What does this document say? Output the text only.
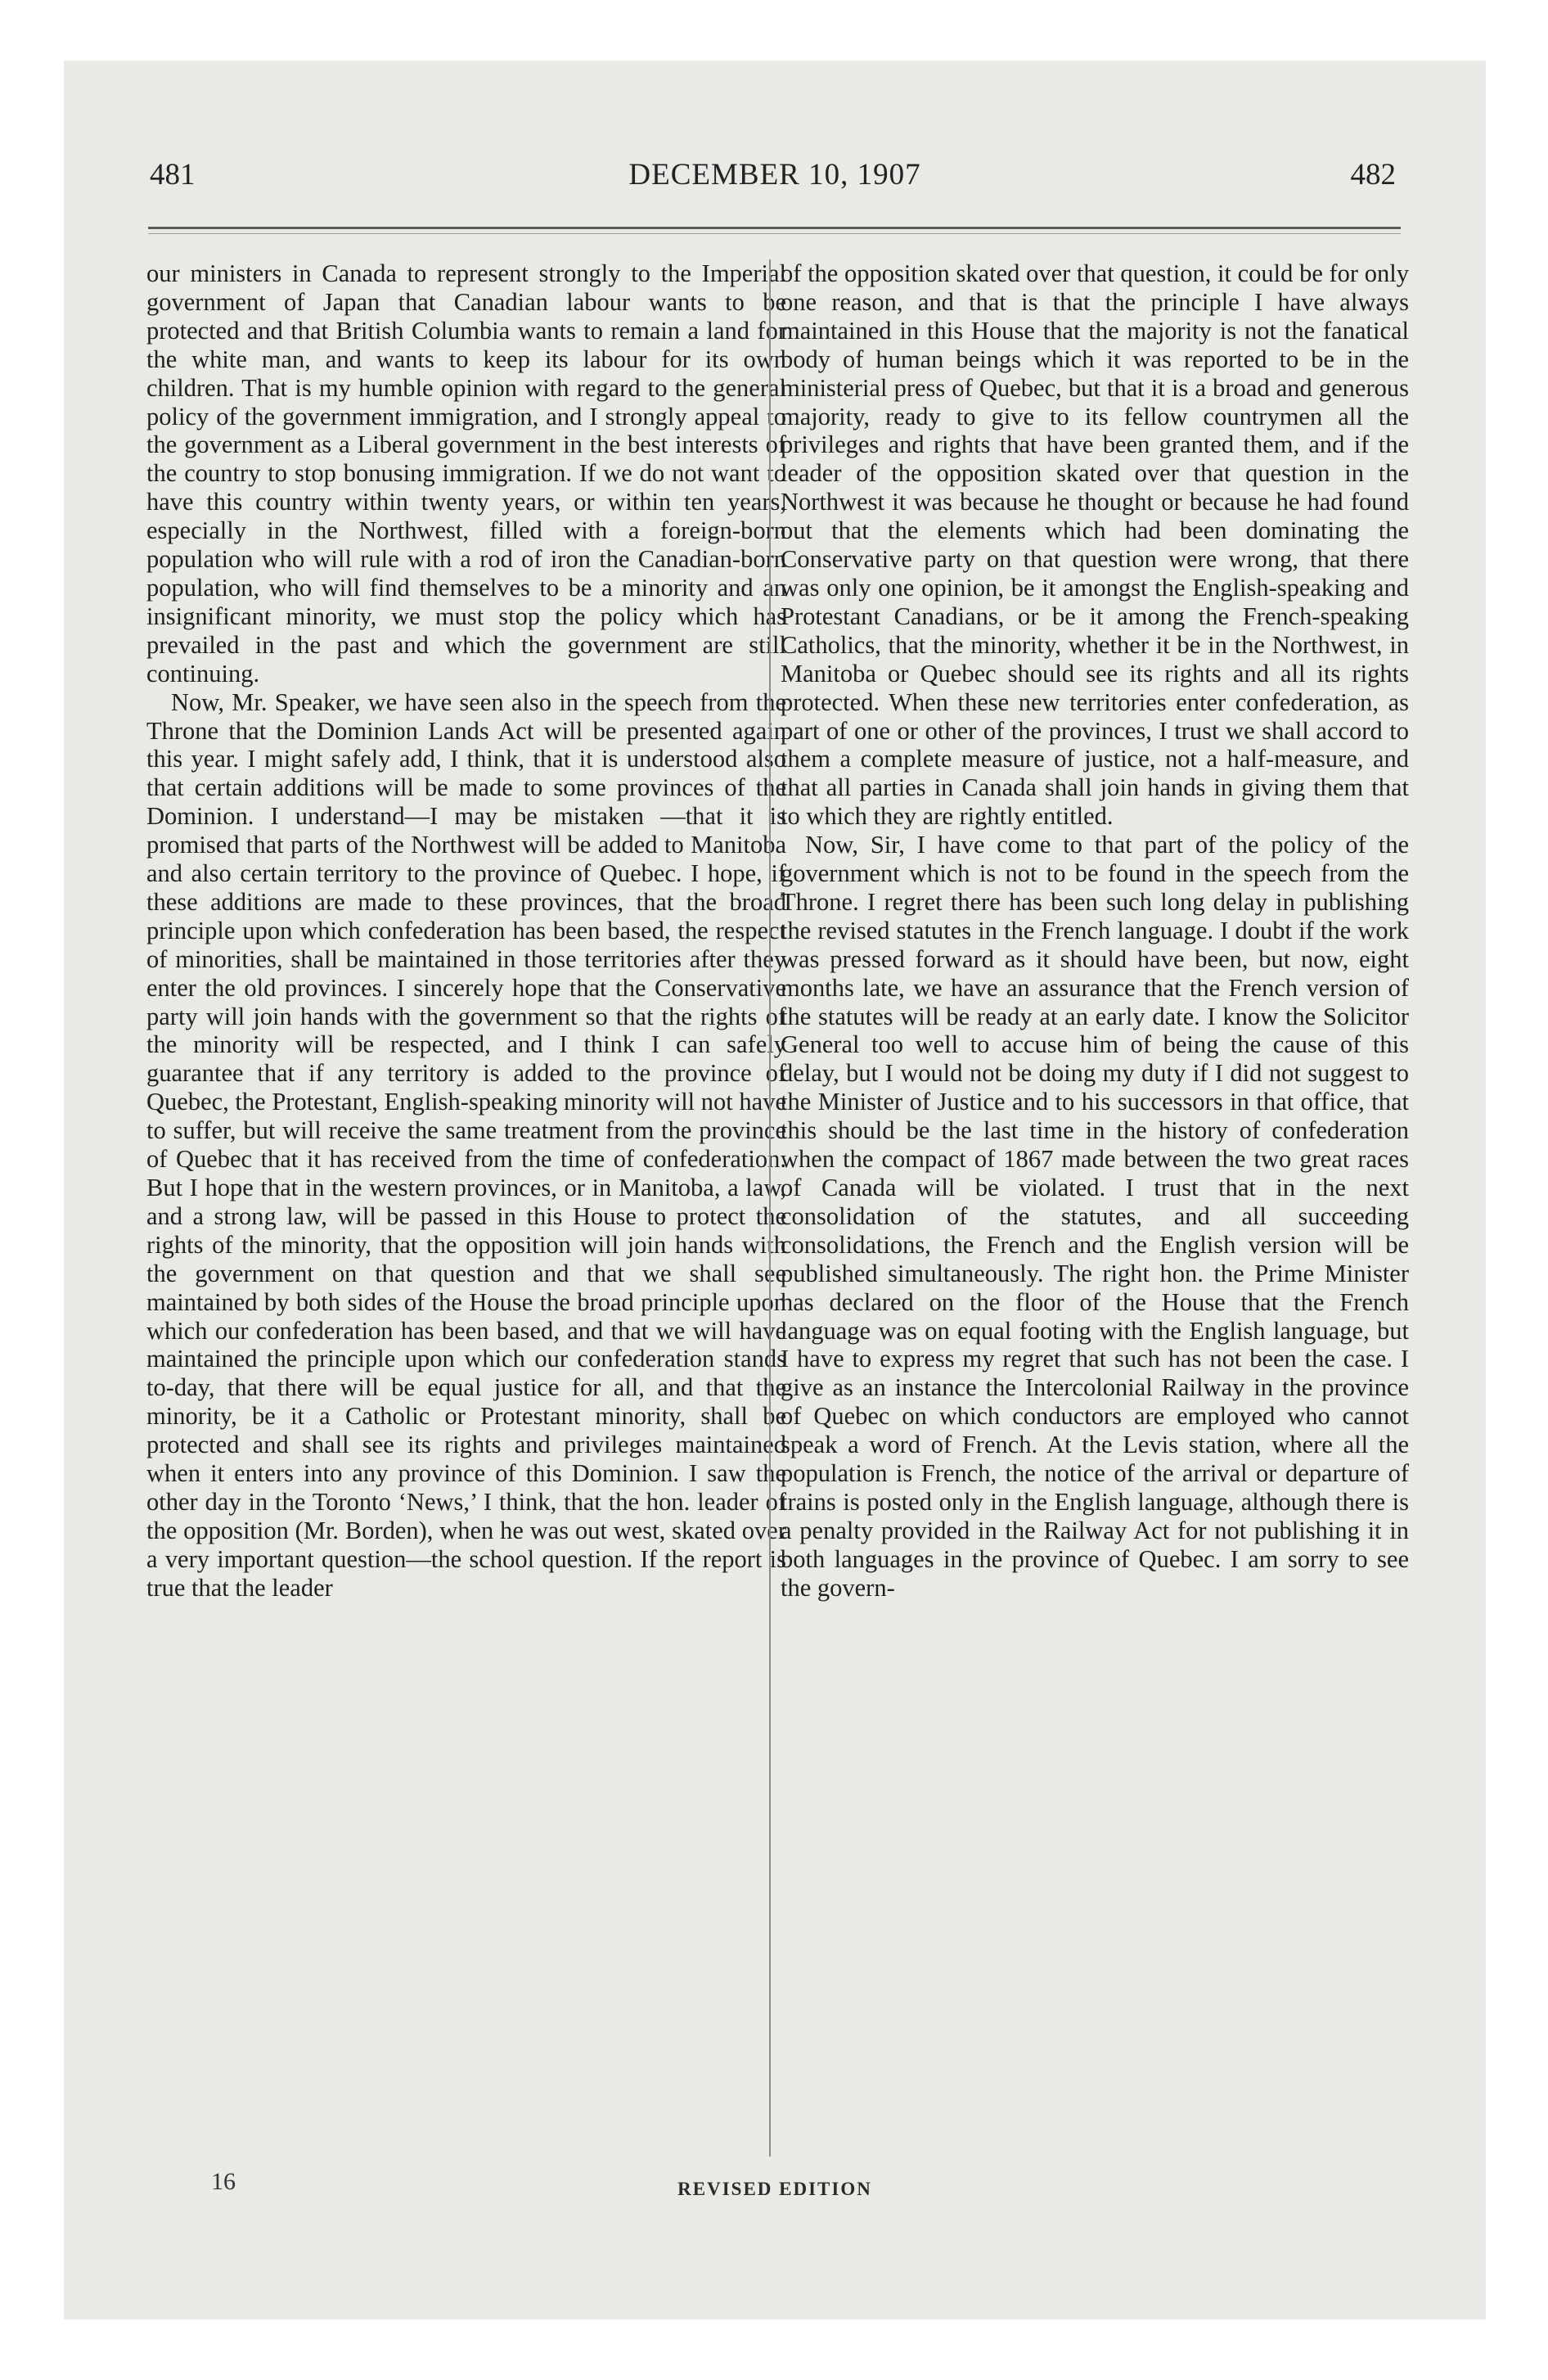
481	DECEMBER 10, 1907	482

our ministers in Canada to represent strongly to the Imperial government of Japan that Canadian labour wants to be protected and that British Columbia wants to remain a land for the white man, and wants to keep its labour for its own children. That is my humble opinion with regard to the general policy of the government immigration, and I strongly appeal to the government as a Liberal government in the best interests of the country to stop bonusing immigration. If we do not want to have this country within twenty years, or within ten years, especially in the Northwest, filled with a foreign-born population who will rule with a rod of iron the Canadian-born population, who will find themselves to be a minority and an insignificant minority, we must stop the policy which has prevailed in the past and which the government are still continuing.

Now, Mr. Speaker, we have seen also in the speech from the Throne that the Dominion Lands Act will be presented again this year. I might safely add, I think, that it is understood also that certain additions will be made to some provinces of the Dominion. I understand—I may be mistaken —that it is promised that parts of the Northwest will be added to Manitoba and also certain territory to the province of Quebec. I hope, if these additions are made to these provinces, that the broad principle upon which confederation has been based, the respect of minorities, shall be maintained in those territories after they enter the old provinces. I sincerely hope that the Conservative party will join hands with the government so that the rights of the minority will be respected, and I think I can safely guarantee that if any territory is added to the province of Quebec, the Protestant, English-speaking minority will not have to suffer, but will receive the same treatment from the province of Quebec that it has received from the time of confederation. But I hope that in the western provinces, or in Manitoba, a law, and a strong law, will be passed in this House to protect the rights of the minority, that the opposition will join hands with the government on that question and that we shall see maintained by both sides of the House the broad principle upon which our confederation has been based, and that we will have maintained the principle upon which our confederation stands to-day, that there will be equal justice for all, and that the minority, be it a Catholic or Protestant minority, shall be protected and shall see its rights and privileges maintained when it enters into any province of this Dominion. I saw the other day in the Toronto ‘News,’ I think, that the hon. leader of the opposition (Mr. Borden), when he was out west, skated over a very important question—the school question. If the report is true that the leader

of the opposition skated over that question, it could be for only one reason, and that is that the principle I have always maintained in this House that the majority is not the fanatical body of human beings which it was reported to be in the ministerial press of Quebec, but that it is a broad and generous majority, ready to give to its fellow countrymen all the privileges and rights that have been granted them, and if the leader of the opposition skated over that question in the Northwest it was because he thought or because he had found out that the elements which had been dominating the Conservative party on that question were wrong, that there was only one opinion, be it amongst the English-speaking and Protestant Canadians, or be it among the French-speaking Catholics, that the minority, whether it be in the Northwest, in Manitoba or Quebec should see its rights and all its rights protected. When these new territories enter confederation, as part of one or other of the provinces, I trust we shall accord to them a complete measure of justice, not a half-measure, and that all parties in Canada shall join hands in giving them that to which they are rightly entitled.

Now, Sir, I have come to that part of the policy of the government which is not to be found in the speech from the Throne. I regret there has been such long delay in publishing the revised statutes in the French language. I doubt if the work was pressed forward as it should have been, but now, eight months late, we have an assurance that the French version of the statutes will be ready at an early date. I know the Solicitor General too well to accuse him of being the cause of this delay, but I would not be doing my duty if I did not suggest to the Minister of Justice and to his successors in that office, that this should be the last time in the history of confederation when the compact of 1867 made between the two great races of Canada will be violated. I trust that in the next consolidation of the statutes, and all succeeding consolidations, the French and the English version will be published simultaneously. The right hon. the Prime Minister has declared on the floor of the House that the French language was on equal footing with the English language, but I have to express my regret that such has not been the case. I give as an instance the Intercolonial Railway in the province of Quebec on which conductors are employed who cannot speak a word of French. At the Levis station, where all the population is French, the notice of the arrival or departure of trains is posted only in the English language, although there is a penalty provided in the Railway Act for not publishing it in both languages in the province of Quebec. I am sorry to see the govern-

16	REVISED EDITION
